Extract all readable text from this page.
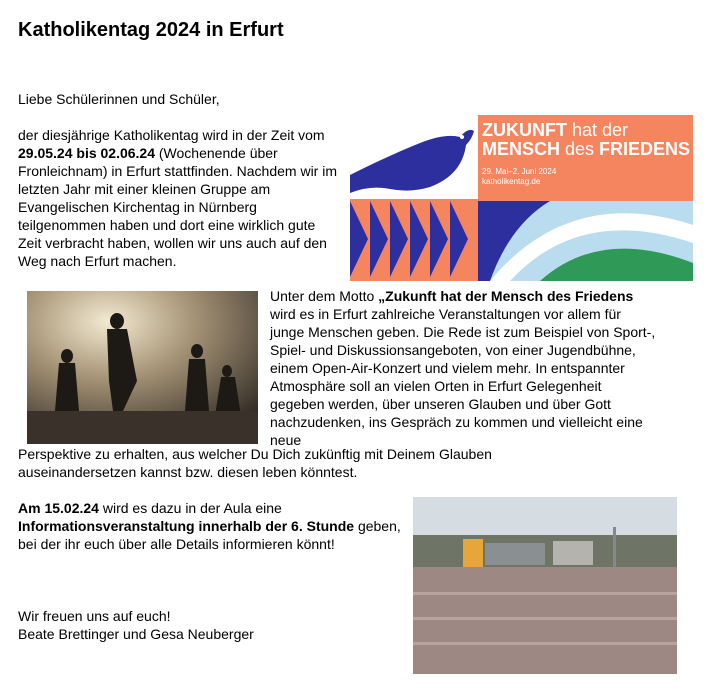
Katholikentag 2024 in Erfurt

Liebe Schülerinnen und Schüler,

der diesjährige Katholikentag wird in der Zeit vom 29.05.24 bis 02.06.24 (Wochenende über Fronleichnam) in Erfurt stattfinden. Nachdem wir im letzten Jahr mit einer kleinen Gruppe am Evangelischen Kirchentag in Nürnberg teilgenommen haben und dort eine wirklich gute Zeit verbracht haben, wollen wir uns auch auf den Weg nach Erfurt machen.

ZUKUNFT hat der
MENSCH des FRIEDENS
29. Mai–2. Juni 2024
katholikentag.de

Unter dem Motto „Zukunft hat der Mensch des Friedens wird es in Erfurt zahlreiche Veranstaltungen vor allem für junge Menschen geben. Die Rede ist zum Beispiel von Sport-, Spiel- und Diskussionsangeboten, von einer Jugendbühne, einem Open-Air-Konzert und vielem mehr. In entspannter Atmosphäre soll an vielen Orten in Erfurt Gelegenheit gegeben werden, über unseren Glauben und über Gott nachzudenken, ins Gespräch zu kommen und vielleicht eine neue

Perspektive zu erhalten, aus welcher Du Dich zukünftig mit Deinem Glauben auseinandersetzen kannst bzw. diesen leben könntest.

Am 15.02.24 wird es dazu in der Aula eine Informationsveranstaltung innerhalb der 6. Stunde geben, bei der ihr euch über alle Details informieren könnt!

Wir freuen uns auf euch!

Beate Brettinger und Gesa Neuberger
